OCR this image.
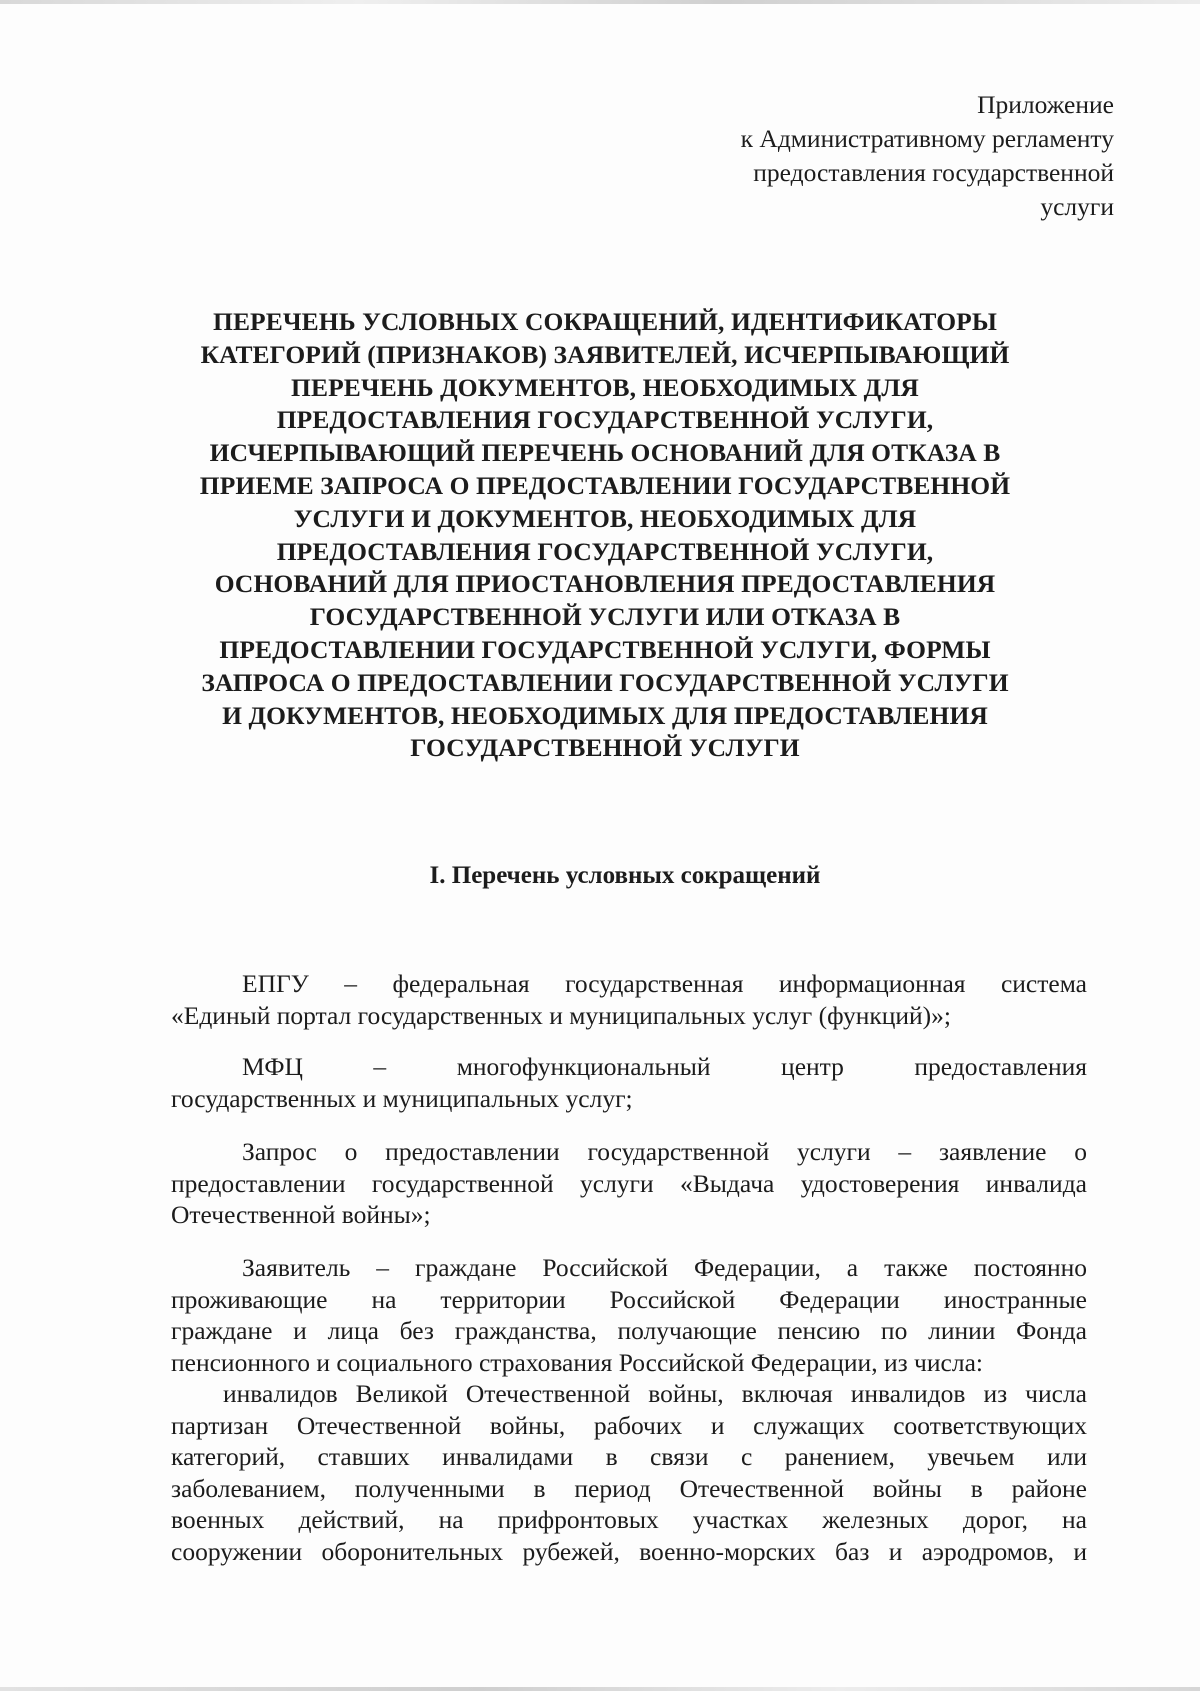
Приложение
к Административному регламенту
предоставления государственной
услуги
ПЕРЕЧЕНЬ УСЛОВНЫХ СОКРАЩЕНИЙ, ИДЕНТИФИКАТОРЫ
КАТЕГОРИЙ (ПРИЗНАКОВ) ЗАЯВИТЕЛЕЙ, ИСЧЕРПЫВАЮЩИЙ
ПЕРЕЧЕНЬ ДОКУМЕНТОВ, НЕОБХОДИМЫХ ДЛЯ
ПРЕДОСТАВЛЕНИЯ ГОСУДАРСТВЕННОЙ УСЛУГИ,
ИСЧЕРПЫВАЮЩИЙ ПЕРЕЧЕНЬ ОСНОВАНИЙ ДЛЯ ОТКАЗА В
ПРИЕМЕ ЗАПРОСА О ПРЕДОСТАВЛЕНИИ ГОСУДАРСТВЕННОЙ
УСЛУГИ И ДОКУМЕНТОВ, НЕОБХОДИМЫХ ДЛЯ
ПРЕДОСТАВЛЕНИЯ ГОСУДАРСТВЕННОЙ УСЛУГИ,
ОСНОВАНИЙ ДЛЯ ПРИОСТАНОВЛЕНИЯ ПРЕДОСТАВЛЕНИЯ
ГОСУДАРСТВЕННОЙ УСЛУГИ ИЛИ ОТКАЗА В
ПРЕДОСТАВЛЕНИИ ГОСУДАРСТВЕННОЙ УСЛУГИ, ФОРМЫ
ЗАПРОСА О ПРЕДОСТАВЛЕНИИ ГОСУДАРСТВЕННОЙ УСЛУГИ
И ДОКУМЕНТОВ, НЕОБХОДИМЫХ ДЛЯ ПРЕДОСТАВЛЕНИЯ
ГОСУДАРСТВЕННОЙ УСЛУГИ
I. Перечень условных сокращений
ЕПГУ – федеральная государственная информационная система
«Единый портал государственных и муниципальных услуг (функций)»;
МФЦ – многофункциональный центр предоставления
государственных и муниципальных услуг;
Запрос о предоставлении государственной услуги – заявление о
предоставлении государственной услуги «Выдача удостоверения инвалида
Отечественной войны»;
Заявитель – граждане Российской Федерации, а также постоянно
проживающие на территории Российской Федерации иностранные
граждане и лица без гражданства, получающие пенсию по линии Фонда
пенсионного и социального страхования Российской Федерации, из числа:
инвалидов Великой Отечественной войны, включая инвалидов из числа
партизан Отечественной войны, рабочих и служащих соответствующих
категорий, ставших инвалидами в связи с ранением, увечьем или
заболеванием, полученными в период Отечественной войны в районе
военных действий, на прифронтовых участках железных дорог, на
сооружении оборонительных рубежей, военно-морских баз и аэродромов, и
